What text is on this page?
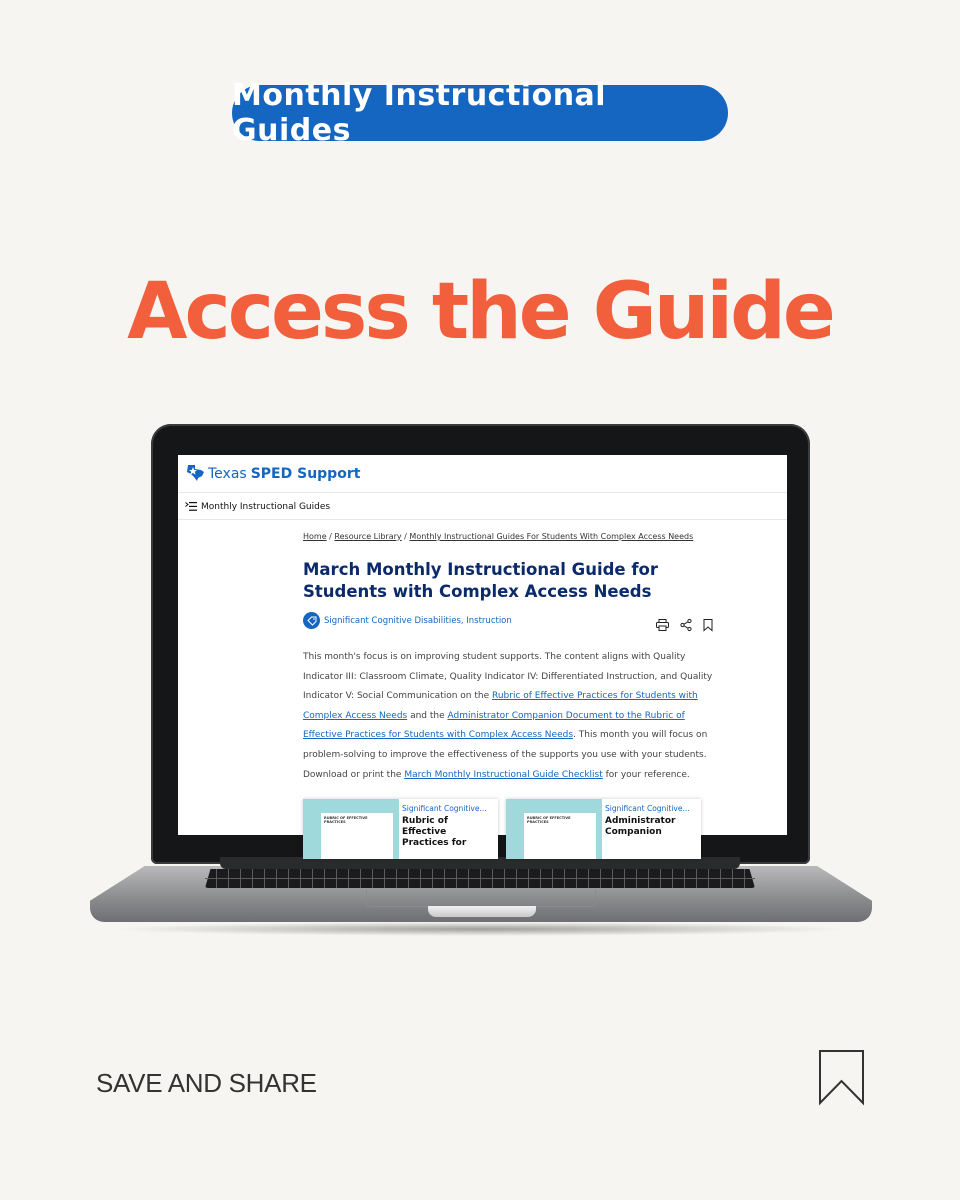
Monthly Instructional Guides
Access the Guide
Texas SPED Support
Monthly Instructional Guides
Home / Resource Library / Monthly Instructional Guides For Students With Complex Access Needs
March Monthly Instructional Guide for Students with Complex Access Needs
Significant Cognitive Disabilities, Instruction
This month's focus is on improving student supports. The content aligns with Quality Indicator III: Classroom Climate, Quality Indicator IV: Differentiated Instruction, and Quality Indicator V: Social Communication on the Rubric of Effective Practices for Students with Complex Access Needs and the Administrator Companion Document to the Rubric of Effective Practices for Students with Complex Access Needs. This month you will focus on problem-solving to improve the effectiveness of the supports you use with your students. Download or print the March Monthly Instructional Guide Checklist for your reference.
RUBRIC OF EFFECTIVE PRACTICES
Significant Cognitive...
Rubric of Effective Practices for
RUBRIC OF EFFECTIVE PRACTICES
Significant Cognitive...
Administrator Companion
SAVE AND SHARE
